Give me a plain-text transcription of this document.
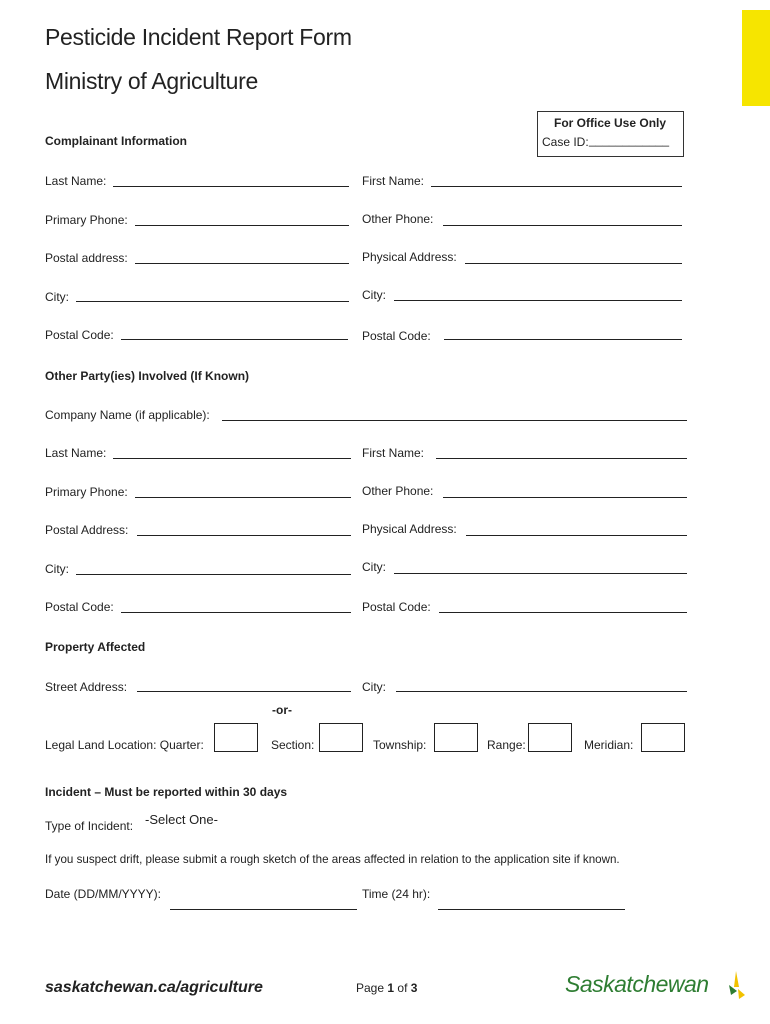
Pesticide Incident Report Form
Ministry of Agriculture
For Office Use Only
Case ID: ____________
Complainant Information
Last Name:	First Name:
Primary Phone:	Other Phone:
Postal address:	Physical Address:
City:	City:
Postal Code:	Postal Code:
Other Party(ies) Involved (If Known)
Company Name (if applicable):
Last Name:	First Name:
Primary Phone:	Other Phone:
Postal Address:	Physical Address:
City:	City:
Postal Code:	Postal Code:
Property Affected
Street Address:	City:
-or-
Legal Land Location: Quarter:	Section:	Township:	Range:	Meridian:
Incident – Must be reported within 30 days
Type of Incident: -Select One-
If you suspect drift, please submit a rough sketch of the areas affected in relation to the application site if known.
Date (DD/MM/YYYY):	Time (24 hr):
saskatchewan.ca/agriculture	Page 1 of 3	Saskatchewan
